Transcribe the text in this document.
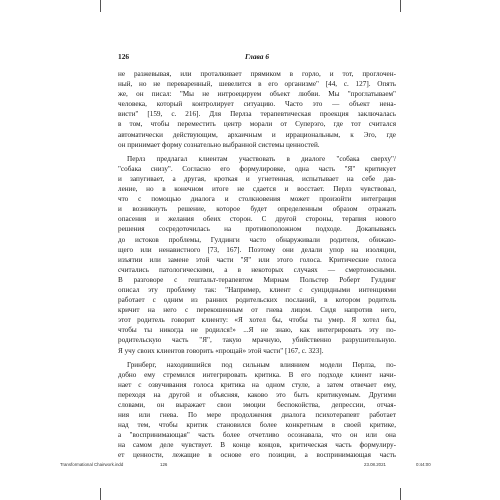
126	Глава 6
не разжевывая, или проталкивает прямиком в горло, и тот, проглочен-
ный, но не переваренный, шевелится в его организме" [44, с. 127]. Опять
же, он писал: "Мы не интроецируем объект любви. Мы "проглатываем"
человека, который контролирует ситуацию. Часто это — объект нена-
висти" [159, с. 216]. Для Перлза терапевтическая проекция заключалась
в том, чтобы переместить центр морали от Суперэго, где тот считался
автоматически действующим, архаичным и иррациональным, к Эго, где
он принимает форму сознательно выбранной системы ценностей.
Перлз предлагал клиентам участвовать в диалоге "собака сверху"/
"собака снизу". Согласно его формулировке, одна часть "Я" критикует
и запугивает, а другая, кроткая и угнетенная, испытывает на себе дав-
ление, но в конечном итоге не сдается и восстает. Перлз чувствовал,
что с помощью диалога и столкновения может произойти интеграция
и возникнуть решение, которое будет определенным образом отражать
опасения и желания обеих сторон. С другой стороны, терапия нового
решения сосредоточилась на противоположном подходе. Докапываясь
до истоков проблемы, Гулдинги часто обнаруживали родителя, обижаю-
щего или ненавистного [73, 167]. Поэтому они делали упор на изоляции,
изъятии или замене этой части "Я" или этого голоса. Критические голоса
считались патологическими, а в некоторых случаях — смертоносными.
В разговоре с гештальт-терапевтом Мириам Польстер Роберт Гулдинг
описал эту проблему так: "Например, клиент с суицидными интенциями
работает с одним из ранних родительских посланий, в котором родитель
кричит на него с перекошенным от гнева лицом. Сидя напротив него,
этот родитель говорит клиенту: «Я хотел бы, чтобы ты умер. Я хотел бы,
чтобы ты никогда не родился!» ...Я не знаю, как интегрировать эту по-
родительскую часть "Я", такую мрачную, убийственно разрушительную.
Я учу своих клиентов говорить «прощай» этой части" [167, с. 323].
Гринберг, находившийся под сильным влиянием модели Перлза, по-
добно ему стремился интегрировать критика. В его подходе клиент начи-
нает с озвучивания голоса критика на одном стуле, а затем отвечает ему,
переходя на другой и объясняя, каково это быть критикуемым. Другими
словами, он выражает свои эмоции беспокойства, депрессии, отчая-
ния или гнева. По мере продолжения диалога психотерапевт работает
над тем, чтобы критик становился более конкретным в своей критике,
а "воспринимающая" часть более отчетливо осознавала, что он или она
на самом деле чувствует. В конце концов, критическая часть формулиру-
ет ценности, лежащие в основе его позиции, а воспринимающая часть
Transformational Chairwork.indd	126	23.08.2021	0:44:00
